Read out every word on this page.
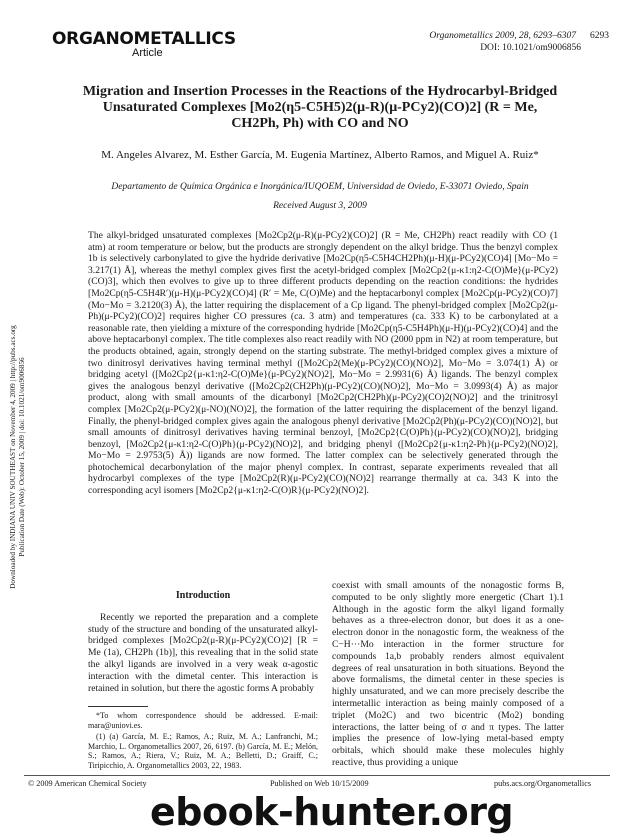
ORGANOMETALLICS
Article
Organometallics 2009, 28, 6293–6307 6293
DOI: 10.1021/om9006856
Downloaded by INDIANA UNIV SOUTHEAST on November 4, 2009 | http://pubs.acs.org Publication Date (Web): October 15, 2009 | doi: 10.1021/om9006856
Migration and Insertion Processes in the Reactions of the Hydrocarbyl-Bridged Unsaturated Complexes [Mo2(η5-C5H5)2(μ-R)(μ-PCy2)(CO)2] (R = Me, CH2Ph, Ph) with CO and NO
M. Angeles Alvarez, M. Esther García, M. Eugenia Martínez, Alberto Ramos, and Miguel A. Ruiz*
Departamento de Química Orgánica e Inorgánica/IUQOEM, Universidad de Oviedo, E-33071 Oviedo, Spain
Received August 3, 2009
The alkyl-bridged unsaturated complexes [Mo2Cp2(μ-R)(μ-PCy2)(CO)2] (R = Me, CH2Ph) react readily with CO (1 atm) at room temperature or below, but the products are strongly dependent on the alkyl bridge. Thus the benzyl complex 1b is selectively carbonylated to give the hydride derivative [Mo2Cp(η5-C5H4CH2Ph)(μ-H)(μ-PCy2)(CO)4] [Mo−Mo = 3.217(1) Å], whereas the methyl complex gives first the acetyl-bridged complex [Mo2Cp2{μ-κ1:η2-C(O)Me}(μ-PCy2)(CO)3], which then evolves to give up to three different products depending on the reaction conditions: the hydrides [Mo2Cp(η5-C5H4R′)(μ-H)(μ-PCy2)(CO)4] (R′ = Me, C(O)Me) and the heptacarbonyl complex [Mo2Cp(μ-PCy2)(CO)7] (Mo−Mo = 3.2120(3) Å), the latter requiring the displacement of a Cp ligand. The phenyl-bridged complex [Mo2Cp2(μ-Ph)(μ-PCy2)(CO)2] requires higher CO pressures (ca. 3 atm) and temperatures (ca. 333 K) to be carbonylated at a reasonable rate, then yielding a mixture of the corresponding hydride [Mo2Cp(η5-C5H4Ph)(μ-H)(μ-PCy2)(CO)4] and the above heptacarbonyl complex. The title complexes also react readily with NO (2000 ppm in N2) at room temperature, but the products obtained, again, strongly depend on the starting substrate. The methyl-bridged complex gives a mixture of two dinitrosyl derivatives having terminal methyl ([Mo2Cp2(Me)(μ-PCy2)(CO)(NO)2], Mo−Mo = 3.074(1) Å) or bridging acetyl ([Mo2Cp2{μ-κ1:η2-C(O)Me}(μ-PCy2)(NO)2], Mo−Mo = 2.9931(6) Å) ligands. The benzyl complex gives the analogous benzyl derivative ([Mo2Cp2(CH2Ph)(μ-PCy2)(CO)(NO)2], Mo−Mo = 3.0993(4) Å) as major product, along with small amounts of the dicarbonyl [Mo2Cp2(CH2Ph)(μ-PCy2)(CO)2(NO)2] and the trinitrosyl complex [Mo2Cp2(μ-PCy2)(μ-NO)(NO)2], the formation of the latter requiring the displacement of the benzyl ligand. Finally, the phenyl-bridged complex gives again the analogous phenyl derivative [Mo2Cp2(Ph)(μ-PCy2)(CO)(NO)2], but small amounts of dinitrosyl derivatives having terminal benzoyl, [Mo2Cp2{C(O)Ph}(μ-PCy2)(CO)(NO)2], bridging benzoyl, [Mo2Cp2{μ-κ1:η2-C(O)Ph}(μ-PCy2)(NO)2], and bridging phenyl ([Mo2Cp2{μ-κ1:η2-Ph}(μ-PCy2)(NO)2], Mo−Mo = 2.9753(5) Å)) ligands are now formed. The latter complex can be selectively generated through the photochemical decarbonylation of the major phenyl complex. In contrast, separate experiments revealed that all hydrocarbyl complexes of the type [Mo2Cp2(R)(μ-PCy2)(CO)(NO)2] rearrange thermally at ca. 343 K into the corresponding acyl isomers [Mo2Cp2{μ-κ1:η2-C(O)R}(μ-PCy2)(NO)2].
Introduction

Recently we reported the preparation and a complete study of the structure and bonding of the unsaturated alkyl-bridged complexes [Mo2Cp2(μ-R)(μ-PCy2)(CO)2] [R = Me (1a), CH2Ph (1b)], this revealing that in the solid state the alkyl ligands are involved in a very weak α-agostic interaction with the dimetal center. This interaction is retained in solution, but there the agostic forms A probably

*To whom correspondence should be addressed. E-mail: mara@uniovi.es.

(1) (a) García, M. E.; Ramos, A.; Ruiz, M. A.; Lanfranchi, M.; Marchio, L. Organometallics 2007, 26, 6197. (b) García, M. E.; Melón, S.; Ramos, A.; Riera, V.; Ruiz, M. A.; Belletti, D.; Graiff, C.; Tiripicchio, A. Organometallics 2003, 22, 1983.

coexist with small amounts of the nonagostic forms B, computed to be only slightly more energetic (Chart 1).1 Although in the agostic form the alkyl ligand formally behaves as a three-electron donor, but does it as a one-electron donor in the nonagostic form, the weakness of the C−H···Mo interaction in the former structure for compounds 1a,b probably renders almost equivalent degrees of real unsaturation in both situations. Beyond the above formalisms, the dimetal center in these species is highly unsaturated, and we can more precisely describe the intermetallic interaction as being mainly composed of a triplet (Mo2C) and two bicentric (Mo2) bonding interactions, the latter being of σ and π types. The latter implies the presence of low-lying metal-based empty orbitals, which should make these molecules highly reactive, thus providing a unique

© 2009 American Chemical Society	Published on Web 10/15/2009	pubs.acs.org/Organometallics
ebook-hunter.org
